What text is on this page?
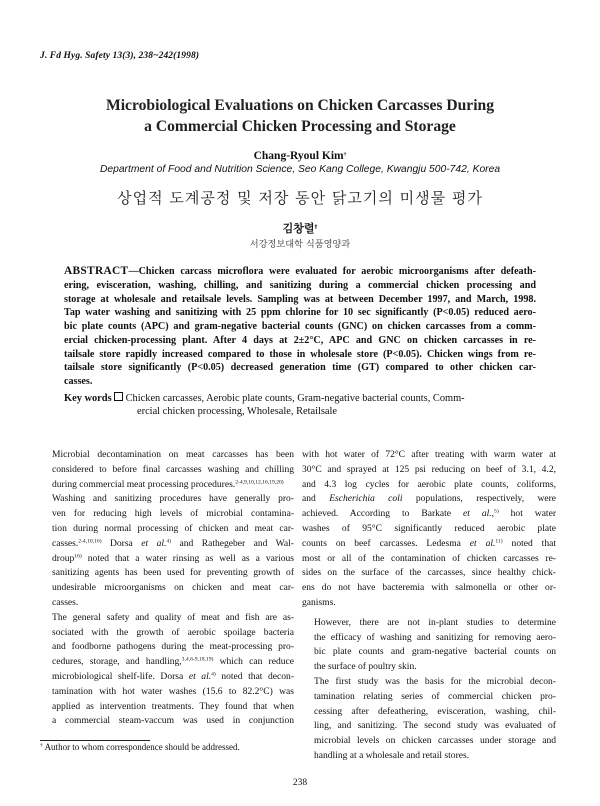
J. Fd Hyg. Safety 13(3), 238~242(1998)
Microbiological Evaluations on Chicken Carcasses During
a Commercial Chicken Processing and Storage
Chang-Ryoul Kim†
Department of Food and Nutrition Science, Seo Kang College, Kwangju 500-742, Korea
상업적 도계공정 및 저장 동안 닭고기의 미생물 평가
김창렬†
서강정보대학 식품영양과
ABSTRACT—Chicken carcass microflora were evaluated for aerobic microorganisms after defeath-
ering, evisceration, washing, chilling, and sanitizing during a commercial chicken processing and
storage at wholesale and retailsale levels. Sampling was at between December 1997, and March, 1998.
Tap water washing and sanitizing with 25 ppm chlorine for 10 sec significantly (P<0.05) reduced aero-
bic plate counts (APC) and gram-negative bacterial counts (GNC) on chicken carcasses from a comm-
ercial chicken-processing plant. After 4 days at 2±2°C, APC and GNC on chicken carcasses in re-
tailsale store rapidly increased compared to those in wholesale store (P<0.05). Chicken wings from re-
tailsale store significantly (P<0.05) decreased generation time (GT) compared to other chicken car-
casses.
Key words Chicken carcasses, Aerobic plate counts, Gram-negative bacterial counts, Comm-
ercial chicken processing, Wholesale, Retailsale

Microbial decontamination on meat carcasses has been
considered to before final carcasses washing and chilling
during commercial meat processing procedures.$^{2-4,9,10,12,16,19,20)}$
Washing and sanitizing procedures have generally pro-
ven for reducing high levels of microbial contamina-
tion during normal processing of chicken and meat car-
casses.$^{2-4,10,16)}$ Dorsa et al.$^{4)}$ and Rathegeber and Wal-
droup$^{16)}$ noted that a water rinsing as well as a various
sanitizing agents has been used for preventing growth of
undesirable microorganisms on chicken and meat car-
casses.

The general safety and quality of meat and fish are as-
sociated with the growth of aerobic spoilage bacteria
and foodborne pathogens during the meat-processing pro-
cedures, storage, and handling,$^{3,4,6-9,18,19)}$ which can reduce
microbiological shelf-life. Dorsa et al.$^{4)}$ noted that decon-
tamination with hot water washes (15.6 to 82.2°C) was
applied as intervention treatments. They found that when
a commercial steam-vaccum was used in conjunction

with hot water of 72°C after treating with warm water at
30°C and sprayed at 125 psi reducing on beef of 3.1, 4.2,
and 4.3 log cycles for aerobic plate counts, coliforms,
and Escherichia coli populations, respectively, were
achieved. According to Barkate et al.,$^{5)}$ hot water
washes of 95°C significantly reduced aerobic plate
counts on beef carcasses. Ledesma et al.$^{11)}$ noted that
most or all of the contamination of chicken carcasses re-
sides on the surface of the carcasses, since healthy chick-
ens do not have bacteremia with salmonella or other or-
ganisms.

However, there are not in-plant studies to determine
the efficacy of washing and sanitizing for removing aero-
bic plate counts and gram-negative bacterial counts on
the surface of poultry skin.

The first study was the basis for the microbial decon-
tamination relating series of commercial chicken pro-
cessing after defeathering, evisceration, washing, chil-
ling, and sanitizing. The second study was evaluated of
microbial levels on chicken carcasses under storage and
handling at a wholesale and retail stores.

† Author to whom correspondence should be addressed.
238
